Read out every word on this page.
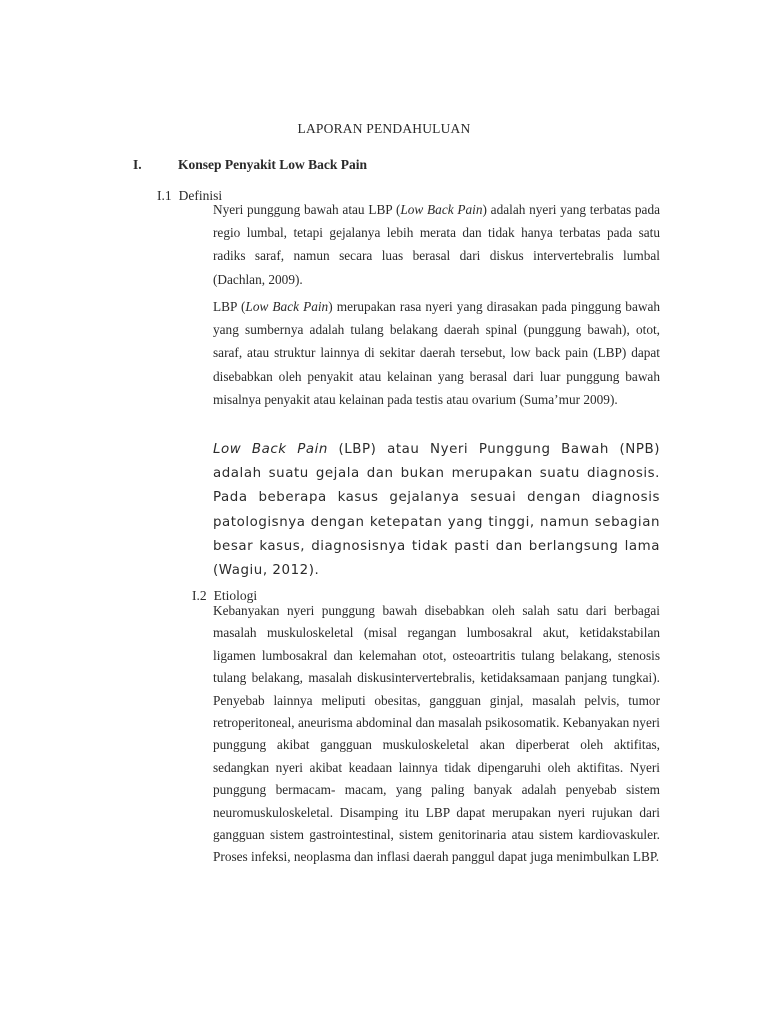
LAPORAN PENDAHULUAN
I.	Konsep Penyakit Low Back Pain
I.1 Definisi

Nyeri punggung bawah atau LBP (Low Back Pain) adalah nyeri yang terbatas pada regio lumbal, tetapi gejalanya lebih merata dan tidak hanya terbatas pada satu radiks saraf, namun secara luas berasal dari diskus intervertebralis lumbal (Dachlan, 2009).

LBP (Low Back Pain) merupakan rasa nyeri yang dirasakan pada pinggung bawah yang sumbernya adalah tulang belakang daerah spinal (punggung bawah), otot, saraf, atau struktur lainnya di sekitar daerah tersebut, low back pain (LBP) dapat disebabkan oleh penyakit atau kelainan yang berasal dari luar punggung bawah misalnya penyakit atau kelainan pada testis atau ovarium (Suma’mur 2009).

Low Back Pain (LBP) atau Nyeri Punggung Bawah (NPB) adalah suatu gejala dan bukan merupakan suatu diagnosis. Pada beberapa kasus gejalanya sesuai dengan diagnosis patologisnya dengan ketepatan yang tinggi, namun sebagian besar kasus, diagnosisnya tidak pasti dan berlangsung lama (Wagiu, 2012).

I.2 Etiologi

Kebanyakan nyeri punggung bawah disebabkan oleh salah satu dari berbagai masalah muskuloskeletal (misal regangan lumbosakral akut, ketidakstabilan ligamen lumbosakral dan kelemahan otot, osteoartritis tulang belakang, stenosis tulang belakang, masalah diskusintervertebralis, ketidaksamaan panjang tungkai). Penyebab lainnya meliputi obesitas, gangguan ginjal, masalah pelvis, tumor retroperitoneal, aneurisma abdominal dan masalah psikosomatik. Kebanyakan nyeri punggung akibat gangguan muskuloskeletal akan diperberat oleh aktifitas, sedangkan nyeri akibat keadaan lainnya tidak dipengaruhi oleh aktifitas. Nyeri punggung bermacam- macam, yang paling banyak adalah penyebab sistem neuromuskuloskeletal. Disamping itu LBP dapat merupakan nyeri rujukan dari gangguan sistem gastrointestinal, sistem genitorinaria atau sistem kardiovaskuler. Proses infeksi, neoplasma dan inflasi daerah panggul dapat juga menimbulkan LBP.
